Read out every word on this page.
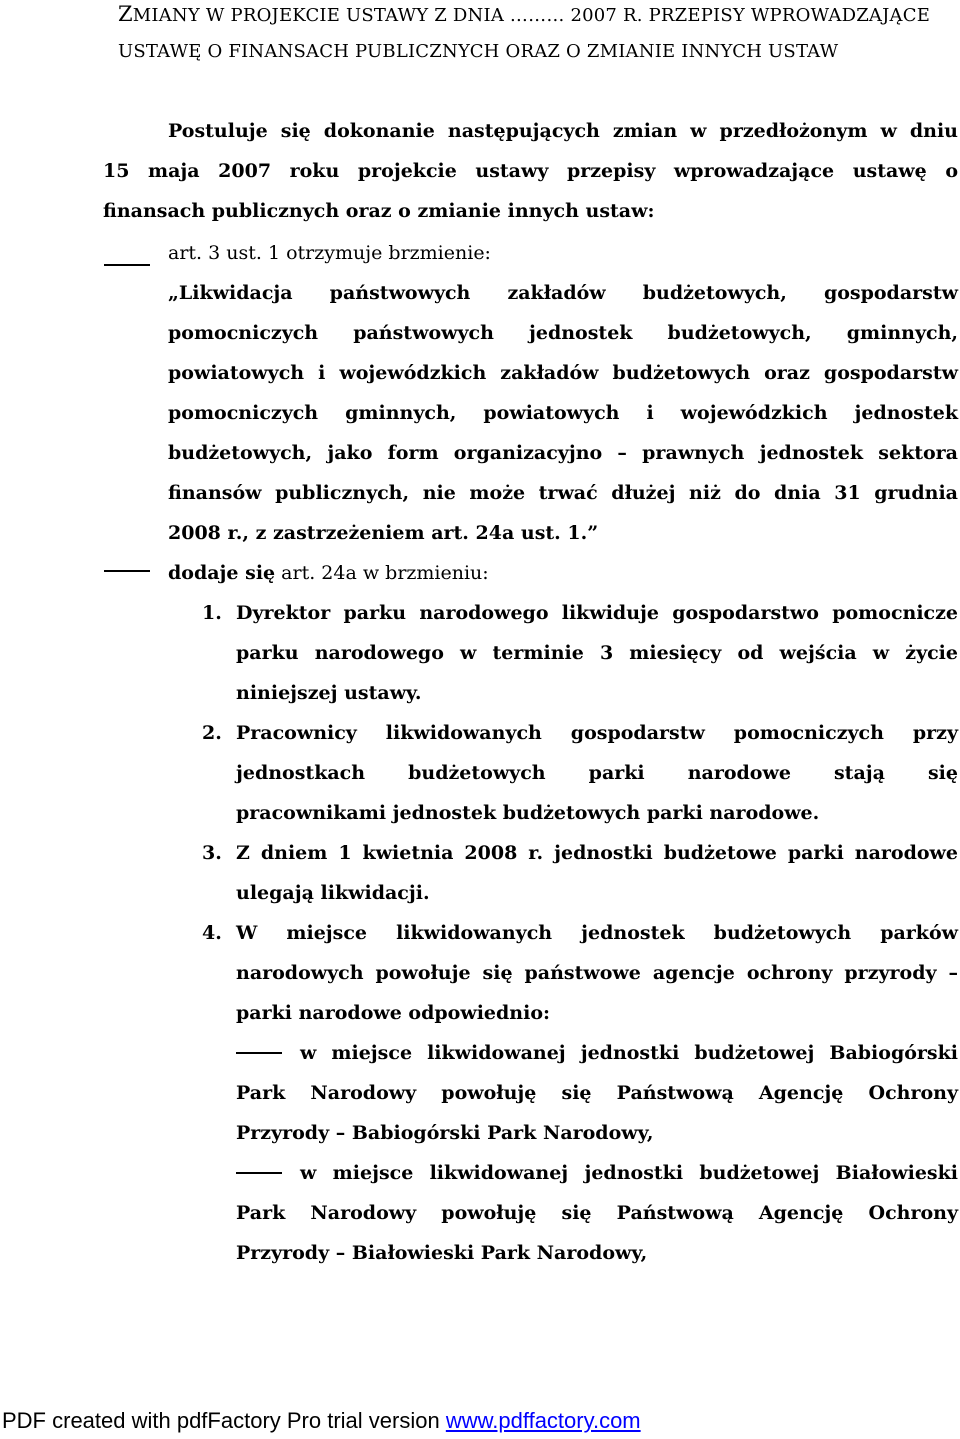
ZMIANY W PROJEKCIE USTAWY Z DNIA ……… 2007 R. PRZEPISY WPROWADZAJĄCE
USTAWĘ O FINANSACH PUBLICZNYCH ORAZ O ZMIANIE INNYCH USTAW
Postuluje się dokonanie następujących zmian w przedłożonym w dniu
15 maja 2007 roku projekcie ustawy przepisy wprowadzające ustawę o
finansach publicznych oraz o zmianie innych ustaw:
art. 3 ust. 1 otrzymuje brzmienie:
„Likwidacja państwowych zakładów budżetowych, gospodarstw
pomocniczych państwowych jednostek budżetowych, gminnych,
powiatowych i wojewódzkich zakładów budżetowych oraz gospodarstw
pomocniczych gminnych, powiatowych i wojewódzkich jednostek
budżetowych, jako form organizacyjno – prawnych jednostek sektora
finansów publicznych, nie może trwać dłużej niż do dnia 31 grudnia
2008 r., z zastrzeżeniem art. 24a ust. 1.”
dodaje się art. 24a w brzmieniu:
1. Dyrektor parku narodowego likwiduje gospodarstwo pomocnicze
parku narodowego w terminie 3 miesięcy od wejścia w życie
niniejszej ustawy.
2. Pracownicy likwidowanych gospodarstw pomocniczych przy
jednostkach budżetowych parki narodowe stają się
pracownikami jednostek budżetowych parki narodowe.
3. Z dniem 1 kwietnia 2008 r. jednostki budżetowe parki narodowe
ulegają likwidacji.
4. W miejsce likwidowanych jednostek budżetowych parków
narodowych powołuje się państwowe agencje ochrony przyrody –
parki narodowe odpowiednio:
w miejsce likwidowanej jednostki budżetowej Babiogórski
Park Narodowy powołuję się Państwową Agencję Ochrony
Przyrody – Babiogórski Park Narodowy,
w miejsce likwidowanej jednostki budżetowej Białowieski
Park Narodowy powołuję się Państwową Agencję Ochrony
Przyrody – Białowieski Park Narodowy,
PDF created with pdfFactory Pro trial version www.pdffactory.com
